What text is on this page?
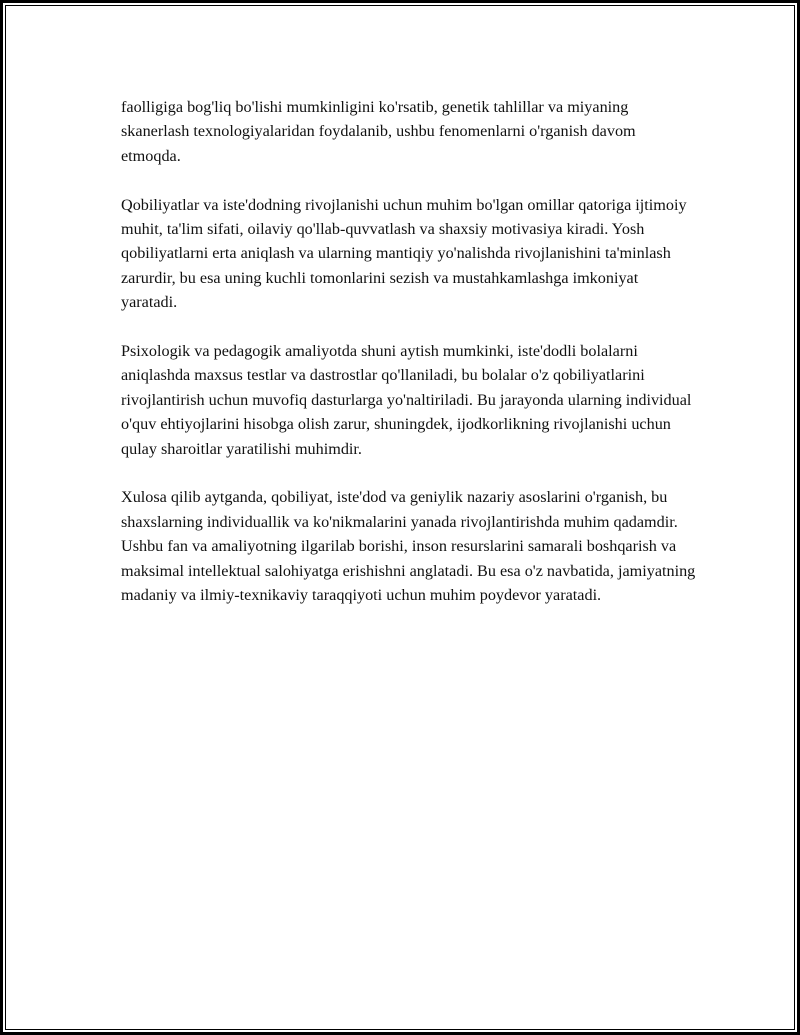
faolligiga bog'liq bo'lishi mumkinligini ko'rsatib, genetik tahlillar va miyaning skanerlash texnologiyalaridan foydalanib, ushbu fenomenlarni o'rganish davom etmoqda.

Qobiliyatlar va iste'dodning rivojlanishi uchun muhim bo'lgan omillar qatoriga ijtimoiy muhit, ta'lim sifati, oilaviy qo'llab-quvvatlash va shaxsiy motivasiya kiradi. Yosh qobiliyatlarni erta aniqlash va ularning mantiqiy yo'nalishda rivojlanishini ta'minlash zarurdir, bu esa uning kuchli tomonlarini sezish va mustahkamlashga imkoniyat yaratadi.

Psixologik va pedagogik amaliyotda shuni aytish mumkinki, iste'dodli bolalarni aniqlashda maxsus testlar va dastrostlar qo'llaniladi, bu bolalar o'z qobiliyatlarini rivojlantirish uchun muvofiq dasturlarga yo'naltiriladi. Bu jarayonda ularning individual o'quv ehtiyojlarini hisobga olish zarur, shuningdek, ijodkorlikning rivojlanishi uchun qulay sharoitlar yaratilishi muhimdir.

Xulosa qilib aytganda, qobiliyat, iste'dod va geniylik nazariy asoslarini o'rganish, bu shaxslarning individuallik va ko'nikmalarini yanada rivojlantirishda muhim qadamdir. Ushbu fan va amaliyotning ilgarilab borishi, inson resurslarini samarali boshqarish va maksimal intellektual salohiyatga erishishni anglatadi. Bu esa o'z navbatida, jamiyatning madaniy va ilmiy-texnikaviy taraqqiyoti uchun muhim poydevor yaratadi.
